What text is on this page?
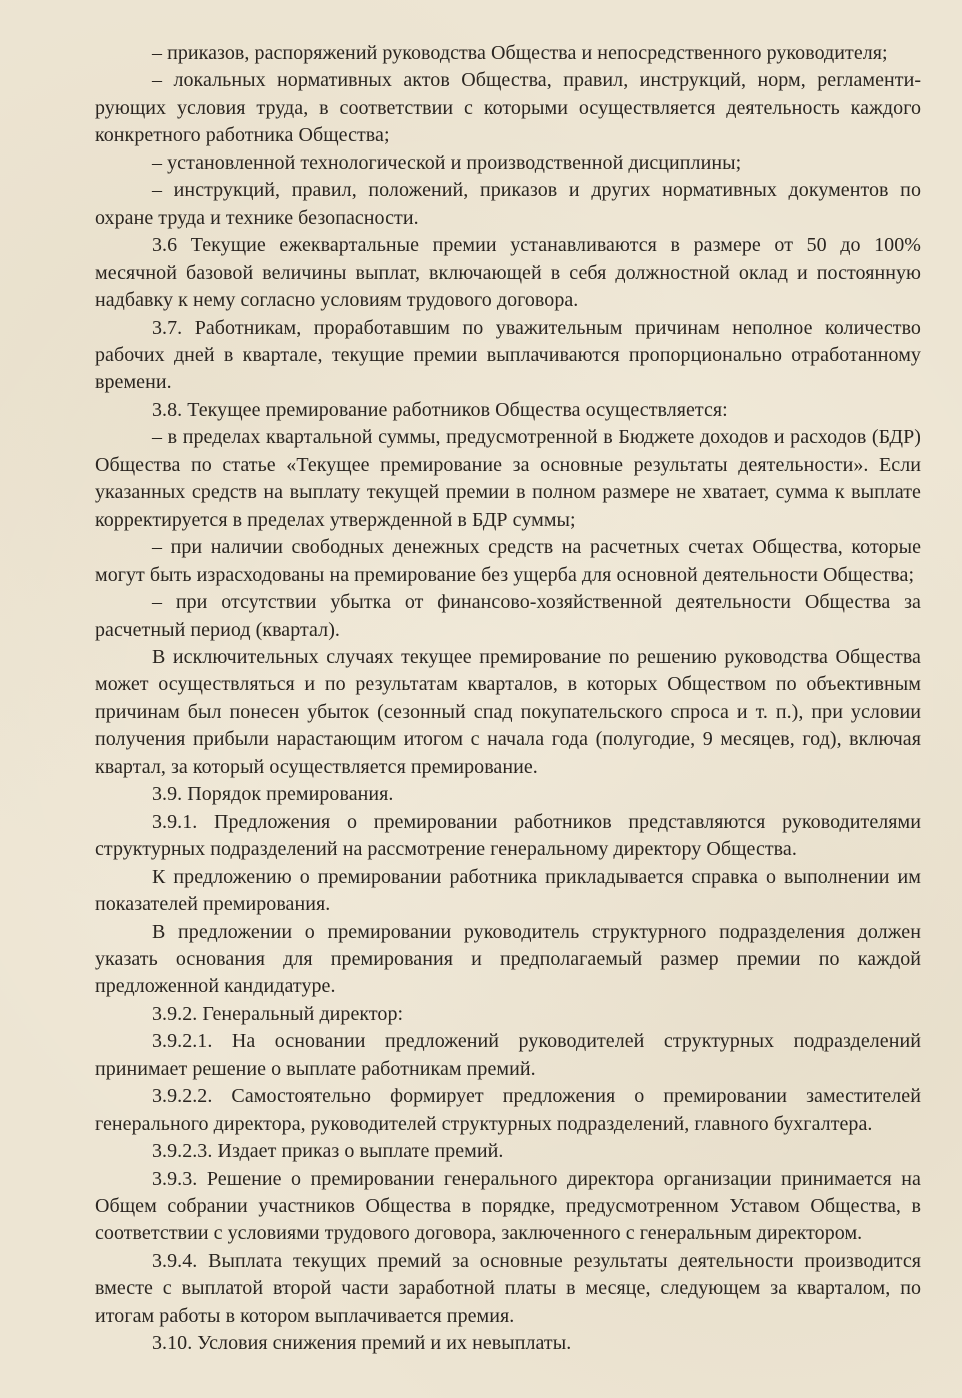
– приказов, распоряжений руководства Общества и непосредственного руководителя;

– локальных нормативных актов Общества, правил, инструкций, норм, регламентирующих условия труда, в соответствии с которыми осуществляется деятельность каждого конкретного работника Общества;

– установленной технологической и производственной дисциплины;

– инструкций, правил, положений, приказов и других нормативных документов по охране труда и технике безопасности.

3.6 Текущие ежеквартальные премии устанавливаются в размере от 50 до 100% месячной базовой величины выплат, включающей в себя должностной оклад и постоянную надбавку к нему согласно условиям трудового договора.

3.7. Работникам, проработавшим по уважительным причинам неполное количество рабочих дней в квартале, текущие премии выплачиваются пропорционально отработанному времени.

3.8. Текущее премирование работников Общества осуществляется:

– в пределах квартальной суммы, предусмотренной в Бюджете доходов и расходов (БДР) Общества по статье «Текущее премирование за основные результаты деятельности». Если указанных средств на выплату текущей премии в полном размере не хватает, сумма к выплате корректируется в пределах утвержденной в БДР суммы;

– при наличии свободных денежных средств на расчетных счетах Общества, которые могут быть израсходованы на премирование без ущерба для основной деятельности Общества;

– при отсутствии убытка от финансово-хозяйственной деятельности Общества за расчетный период (квартал).

В исключительных случаях текущее премирование по решению руководства Общества может осуществляться и по результатам кварталов, в которых Обществом по объективным причинам был понесен убыток (сезонный спад покупательского спроса и т. п.), при условии получения прибыли нарастающим итогом с начала года (полугодие, 9 месяцев, год), включая квартал, за который осуществляется премирование.

3.9. Порядок премирования.

3.9.1. Предложения о премировании работников представляются руководителями структурных подразделений на рассмотрение генеральному директору Общества.

К предложению о премировании работника прикладывается справка о выполнении им показателей премирования.

В предложении о премировании руководитель структурного подразделения должен указать основания для премирования и предполагаемый размер премии по каждой предложенной кандидатуре.

3.9.2. Генеральный директор:

3.9.2.1. На основании предложений руководителей структурных подразделений принимает решение о выплате работникам премий.

3.9.2.2. Самостоятельно формирует предложения о премировании заместителей генерального директора, руководителей структурных подразделений, главного бухгалтера.

3.9.2.3. Издает приказ о выплате премий.

3.9.3. Решение о премировании генерального директора организации принимается на Общем собрании участников Общества в порядке, предусмотренном Уставом Общества, в соответствии с условиями трудового договора, заключенного с генеральным директором.

3.9.4. Выплата текущих премий за основные результаты деятельности производится вместе с выплатой второй части заработной платы в месяце, следующем за кварталом, по итогам работы в котором выплачивается премия.

3.10. Условия снижения премий и их невыплаты.
